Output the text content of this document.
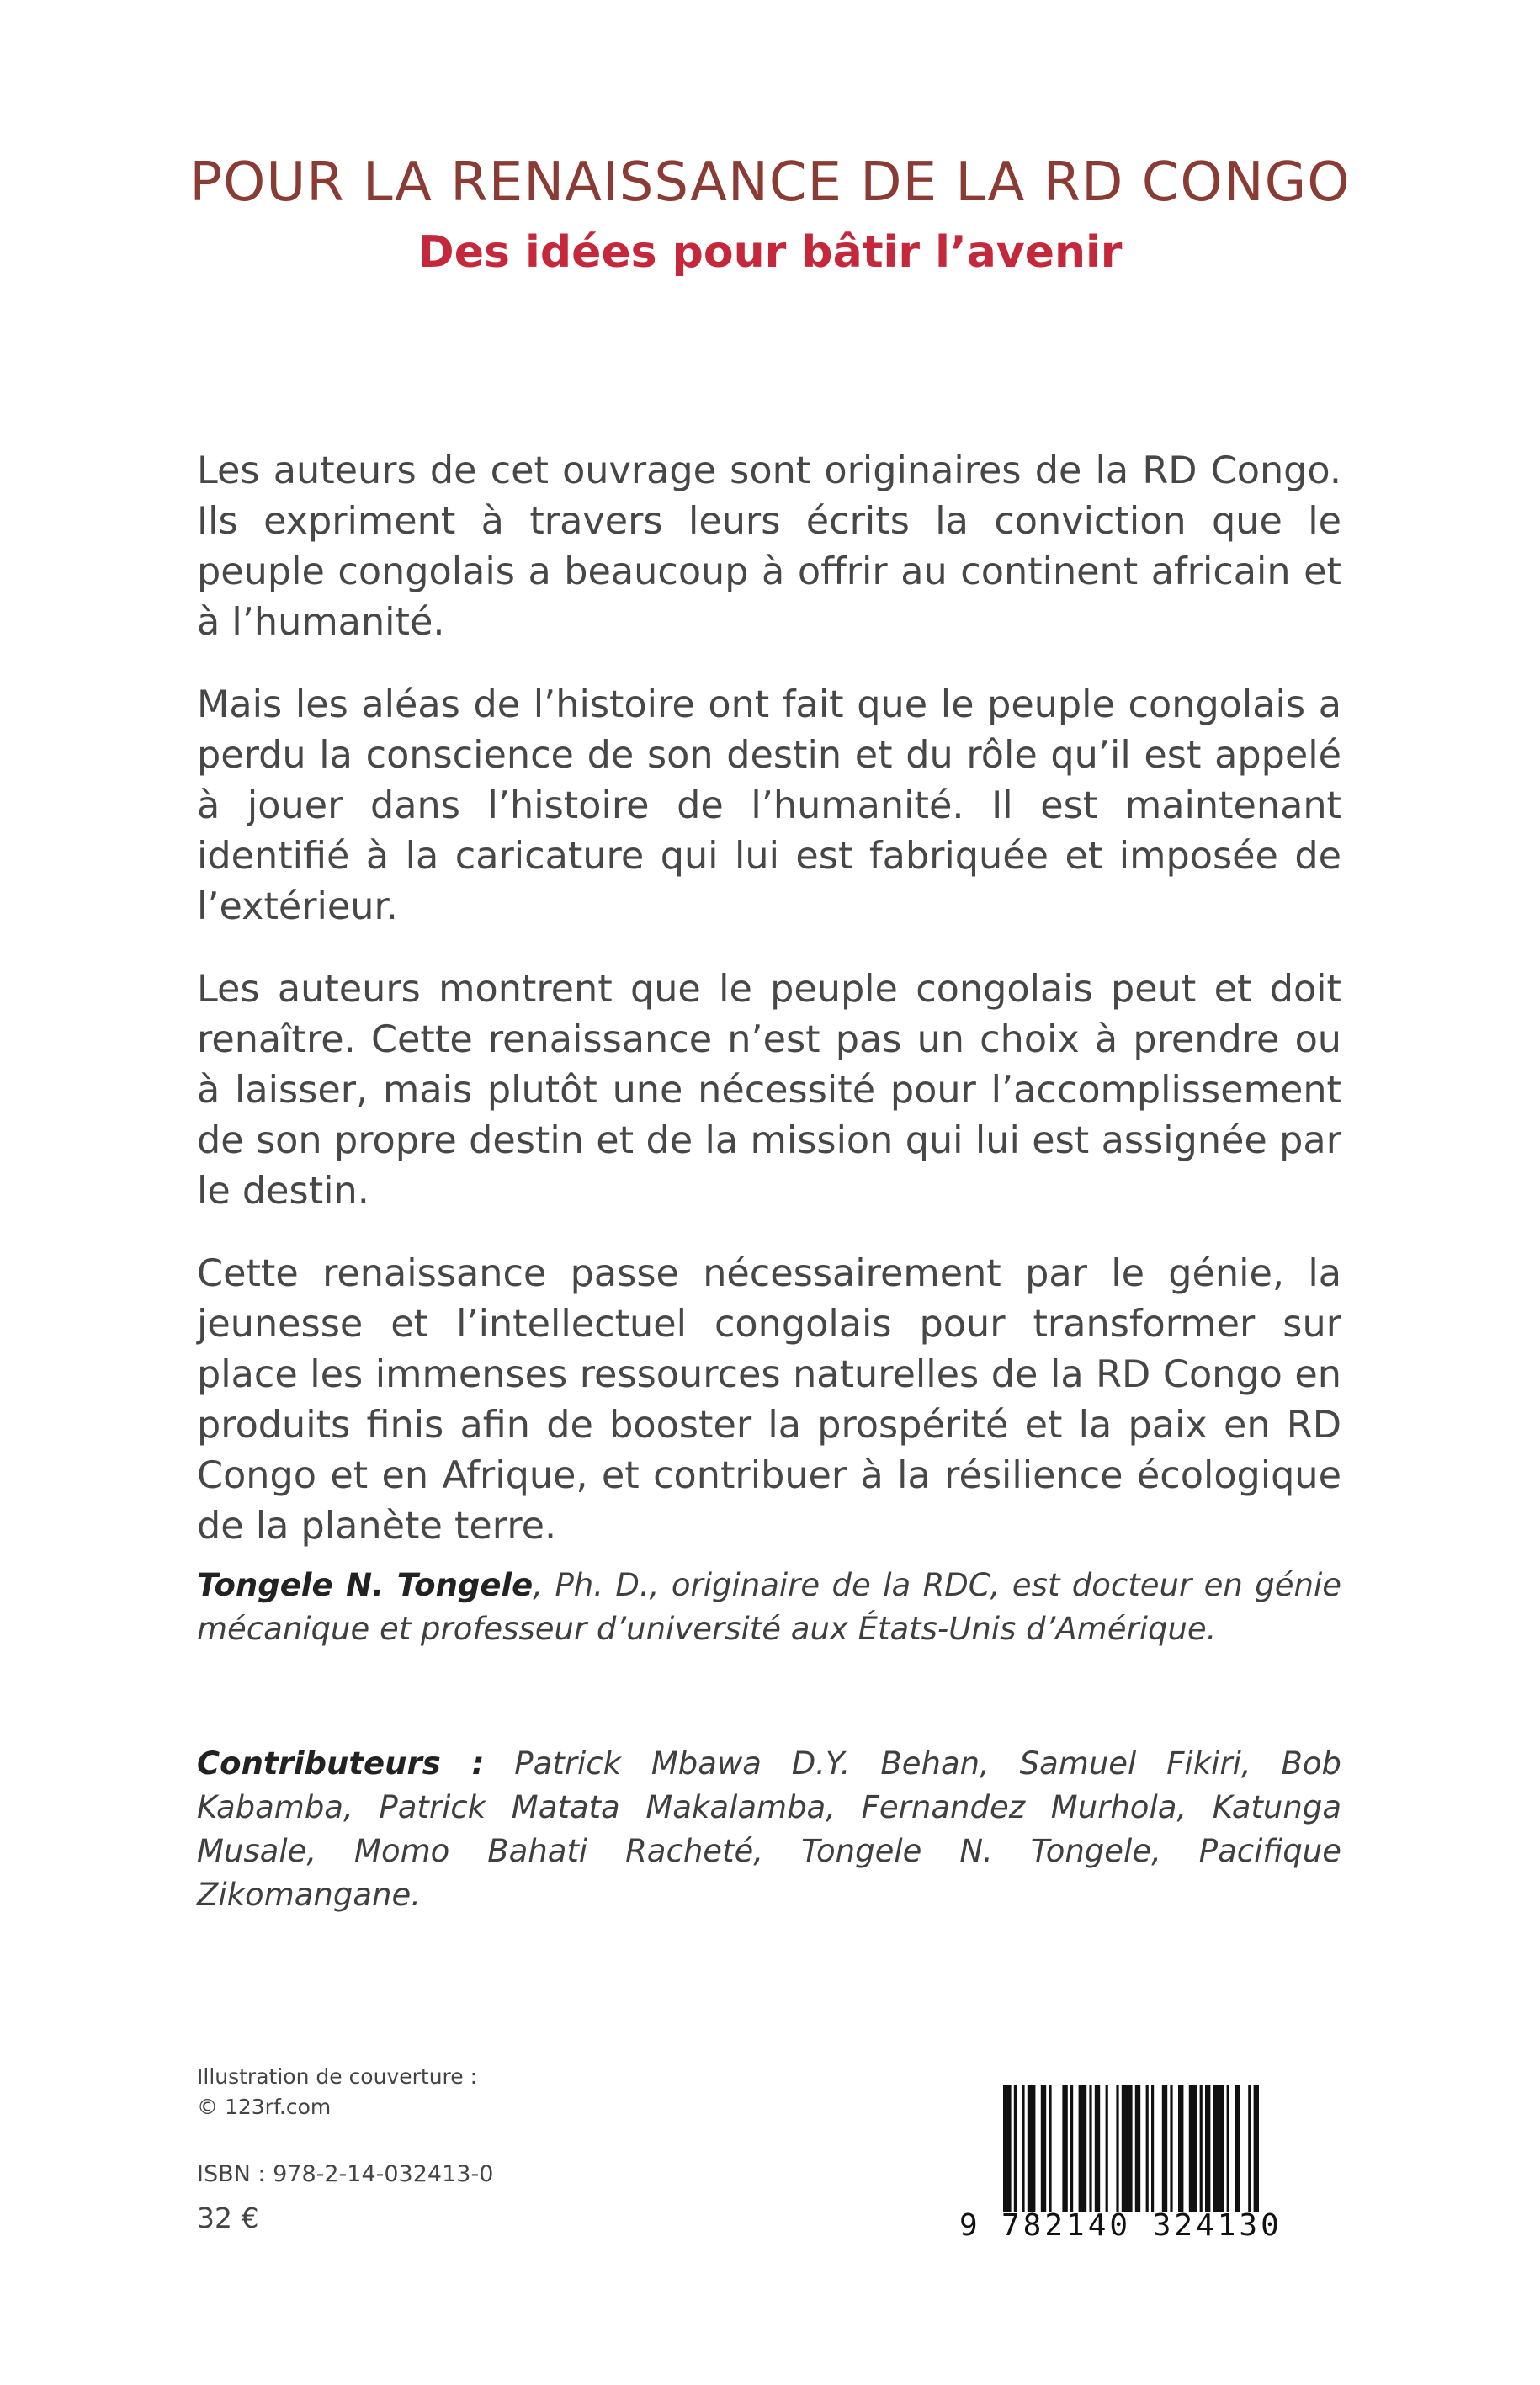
POUR LA RENAISSANCE DE LA RD CONGO
Des idées pour bâtir l’avenir

Les auteurs de cet ouvrage sont originaires de la RD Congo. Ils expriment à travers leurs écrits la conviction que le peuple congolais a beaucoup à offrir au continent africain et à l’humanité.

Mais les aléas de l’histoire ont fait que le peuple congolais a perdu la conscience de son destin et du rôle qu’il est appelé à jouer dans l’histoire de l’humanité. Il est maintenant identifié à la caricature qui lui est fabriquée et imposée de l’extérieur.

Les auteurs montrent que le peuple congolais peut et doit renaître. Cette renaissance n’est pas un choix à prendre ou à laisser, mais plutôt une nécessité pour l’accomplissement de son propre destin et de la mission qui lui est assignée par le destin.

Cette renaissance passe nécessairement par le génie, la jeunesse et l’intellectuel congolais pour transformer sur place les immenses ressources naturelles de la RD Congo en produits finis afin de booster la prospérité et la paix en RD Congo et en Afrique, et contribuer à la résilience écologique de la planète terre.

Tongele N. Tongele, Ph. D., originaire de la RDC, est docteur en génie mécanique et professeur d’université aux États-Unis d’Amérique.

Contributeurs : Patrick Mbawa D.Y. Behan, Samuel Fikiri, Bob Kabamba, Patrick Matata Makalamba, Fernandez Murhola, Katunga Musale, Momo Bahati Racheté, Tongele N. Tongele, Pacifique Zikomangane.

Illustration de couverture :
© 123rf.com
ISBN : 978-2-14-032413-0
32 €	9 782140 324130
